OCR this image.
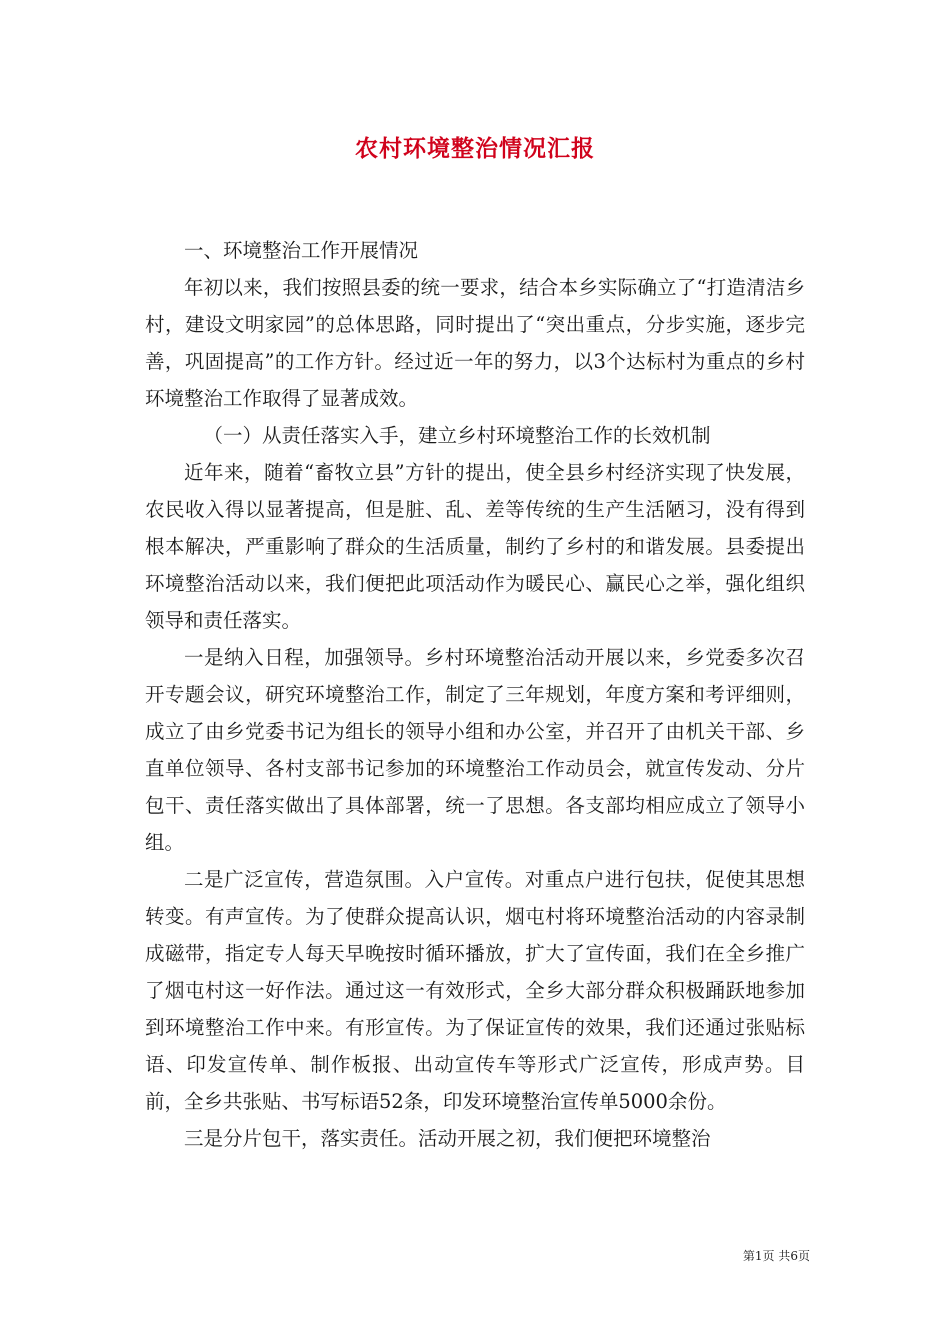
农村环境整治情况汇报

一、环境整治工作开展情况

年初以来，我们按照县委的统一要求，结合本乡实际确立了“打造清洁乡村，建设文明家园”的总体思路，同时提出了“突出重点，分步实施，逐步完善，巩固提高”的工作方针。经过近一年的努力，以3个达标村为重点的乡村环境整治工作取得了显著成效。

（一）从责任落实入手，建立乡村环境整治工作的长效机制

近年来，随着“畜牧立县”方针的提出，使全县乡村经济实现了快发展，农民收入得以显著提高，但是脏、乱、差等传统的生产生活陋习，没有得到根本解决，严重影响了群众的生活质量，制约了乡村的和谐发展。县委提出环境整治活动以来，我们便把此项活动作为暖民心、赢民心之举，强化组织领导和责任落实。

一是纳入日程，加强领导。乡村环境整治活动开展以来，乡党委多次召开专题会议，研究环境整治工作，制定了三年规划，年度方案和考评细则，成立了由乡党委书记为组长的领导小组和办公室，并召开了由机关干部、乡直单位领导、各村支部书记参加的环境整治工作动员会，就宣传发动、分片包干、责任落实做出了具体部署，统一了思想。各支部均相应成立了领导小组。

二是广泛宣传，营造氛围。入户宣传。对重点户进行包扶，促使其思想转变。有声宣传。为了使群众提高认识，烟屯村将环境整治活动的内容录制成磁带，指定专人每天早晚按时循环播放，扩大了宣传面，我们在全乡推广了烟屯村这一好作法。通过这一有效形式，全乡大部分群众积极踊跃地参加到环境整治工作中来。有形宣传。为了保证宣传的效果，我们还通过张贴标语、印发宣传单、制作板报、出动宣传车等形式广泛宣传，形成声势。目前，全乡共张贴、书写标语52条，印发环境整治宣传单5000余份。

三是分片包干，落实责任。活动开展之初，我们便把环境整治

第1页 共6页
